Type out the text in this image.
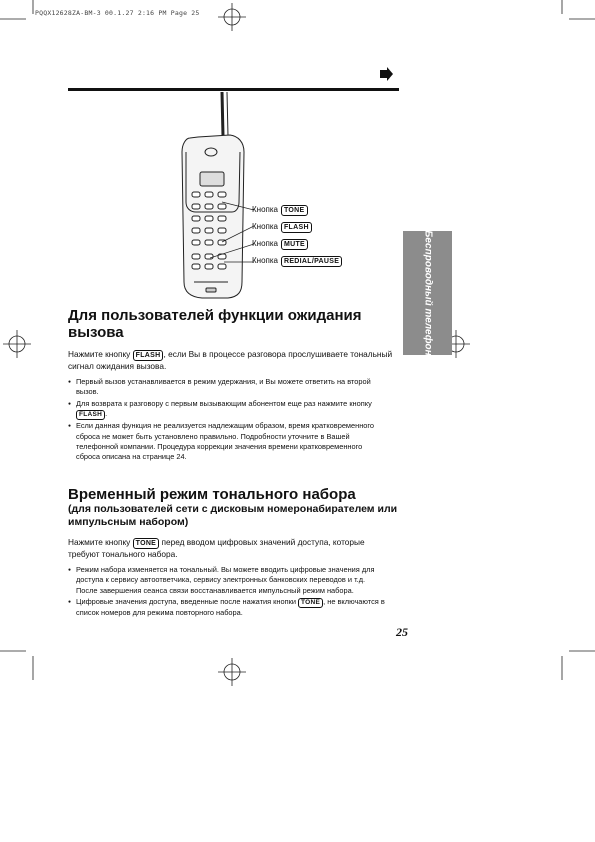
PQQX12628ZA-BM-3 00.1.27 2:16 PM Page 25
Беспроводный телефон
Кнопка TONE
Кнопка FLASH
Кнопка MUTE
Кнопка REDIAL/PAUSE
Для пользователей функции ожидания вызова
Нажмите кнопку FLASH , если Вы в процессе разговора прослушиваете тональный сигнал ожидания вызова.
● Первый вызов устанавливается в режим удержания, и Вы можете ответить на второй вызов.
● Для возврата к разговору с первым вызывающим абонентом еще раз нажмите кнопку FLASH .
● Если данная функция не реализуется надлежащим образом, время кратковременного сброса не может быть установлено правильно. Подробности уточните в Вашей телефонной компании. Процедура коррекции значения времени кратковременного сброса описана на странице 24.
Временный режим тонального набора
(для пользователей сети с дисковым номеронабирателем или импульсным набором)
Нажмите кнопку TONE перед вводом цифровых значений доступа, которые требуют тонального набора.
● Режим набора изменяется на тональный. Вы можете вводить цифровые значения для доступа к сервису автоответчика, сервису электронных банковских переводов и т.д. После завершения сеанса связи восстанавливается импульсный режим набора.
● Цифровые значения доступа, введенные после нажатия кнопки TONE , не включаются в список номеров для режима повторного набора.
25
